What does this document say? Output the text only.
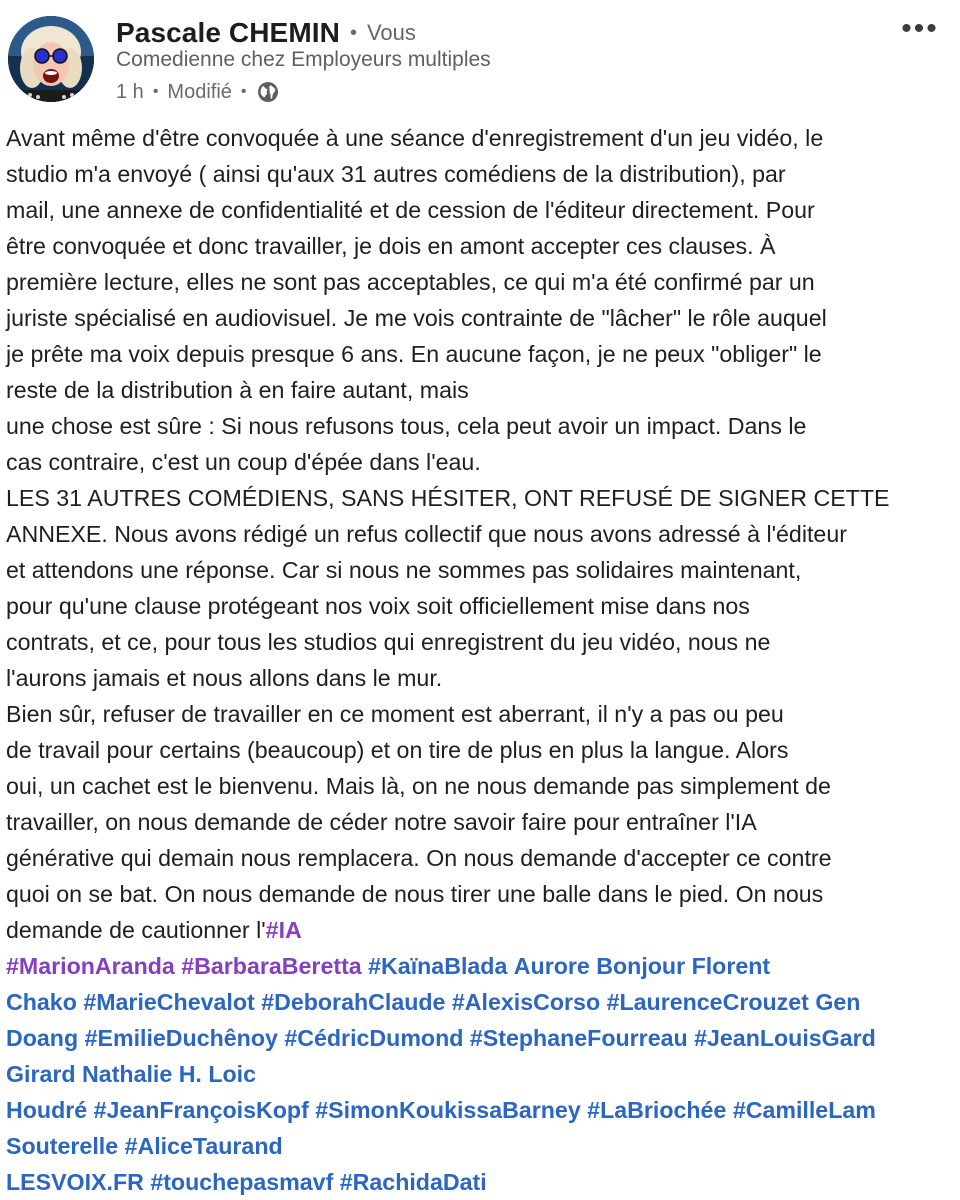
Pascale CHEMIN • Vous
Comedienne chez Employeurs multiples
1 h • Modifié •
•••
Avant même d'être convoquée à une séance d'enregistrement d'un jeu vidéo, le
studio m'a envoyé ( ainsi qu'aux 31 autres comédiens de la distribution), par
mail, une annexe de confidentialité et de cession de l'éditeur directement. Pour
être convoquée et donc travailler, je dois en amont accepter ces clauses. À
première lecture, elles ne sont pas acceptables, ce qui m'a été confirmé par un
juriste spécialisé en audiovisuel. Je me vois contrainte de "lâcher" le rôle auquel
je prête ma voix depuis presque 6 ans. En aucune façon, je ne peux "obliger" le
reste de la distribution à en faire autant, mais
une chose est sûre : Si nous refusons tous, cela peut avoir un impact. Dans le
cas contraire, c'est un coup d'épée dans l'eau.
LES 31 AUTRES COMÉDIENS, SANS HÉSITER, ONT REFUSÉ DE SIGNER CETTE
ANNEXE. Nous avons rédigé un refus collectif que nous avons adressé à l'éditeur
et attendons une réponse. Car si nous ne sommes pas solidaires maintenant,
pour qu'une clause protégeant nos voix soit officiellement mise dans nos
contrats, et ce, pour tous les studios qui enregistrent du jeu vidéo, nous ne
l'aurons jamais et nous allons dans le mur.
Bien sûr, refuser de travailler en ce moment est aberrant, il n'y a pas ou peu
de travail pour certains (beaucoup) et on tire de plus en plus la langue. Alors
oui, un cachet est le bienvenu. Mais là, on ne nous demande pas simplement de
travailler, on nous demande de céder notre savoir faire pour entraîner l'IA
générative qui demain nous remplacera. On nous demande d'accepter ce contre
quoi on se bat. On nous demande de nous tirer une balle dans le pied. On nous
demande de cautionner l'#IA
#MarionAranda #BarbaraBeretta #KaïnaBlada Aurore Bonjour Florent
Chako #MarieChevalot #DeborahClaude #AlexisCorso #LaurenceCrouzet Gen
Doang #EmilieDuchênoy #CédricDumond #StephaneFourreau #JeanLouisGard
Girard Nathalie H. Loic
Houdré #JeanFrançoisKopf #SimonKoukissaBarney #LaBriochée #CamilleLam
Souterelle #AliceTaurand
LESVOIX.FR #touchepasmavf #RachidaDati
